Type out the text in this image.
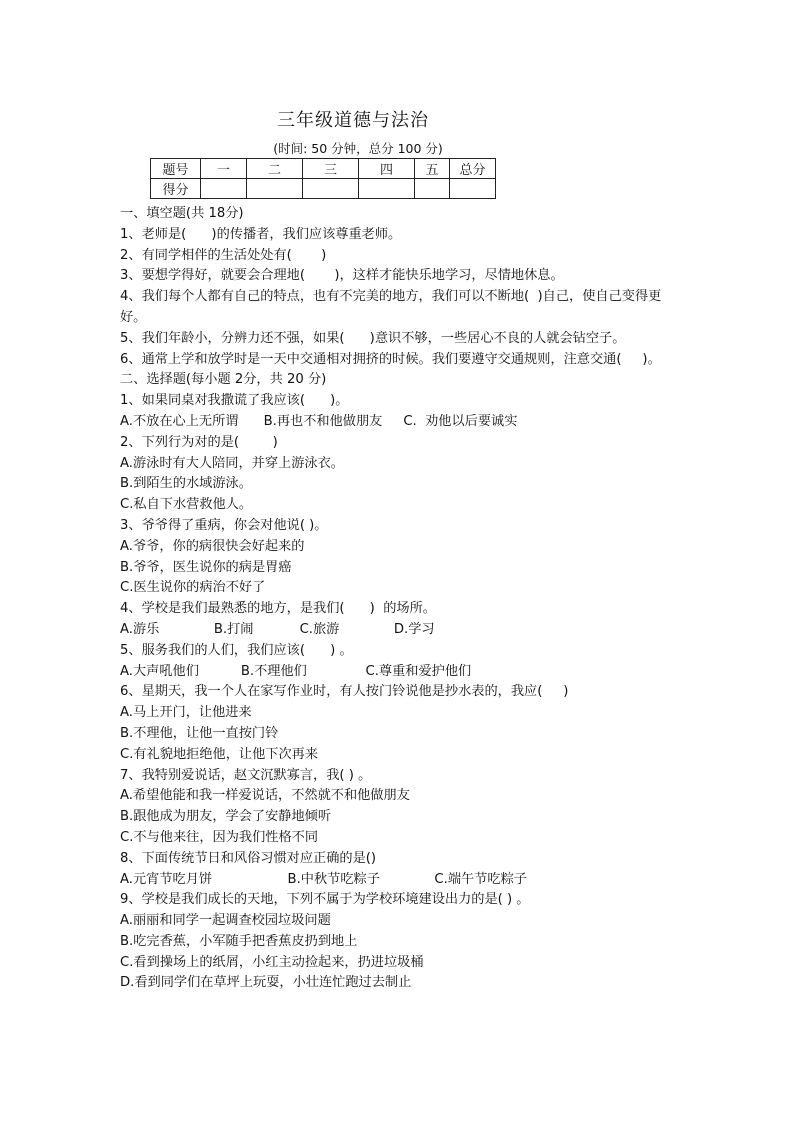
三年级道德与法治
(时间: 50 分钟，总分 100 分)
题号	一	二	三	四	五	总分
得分						

一、填空题(共 18分)

1、老师是(      )的传播者，我们应该尊重老师。

2、有同学相伴的生活处处有(       )

3、要想学得好，就要会合理地(       )，这样才能快乐地学习，尽情地休息。

4、我们每个人都有自己的特点，也有不完美的地方，我们可以不断地(  )自己，使自己变得更好。

5、我们年龄小，分辨力还不强，如果(      )意识不够，一些居心不良的人就会钻空子。

6、通常上学和放学时是一天中交通相对拥挤的时候。我们要遵守交通规则，注意交通(     )。

二、选择题(每小题 2分，共 20 分)

1、如果同桌对我撒谎了我应该(      )。

A.不放在心上无所谓      B.再也不和他做朋友     C.  劝他以后要诚实

2、下列行为对的是(        )

A.游泳时有大人陪同，并穿上游泳衣。

B.到陌生的水域游泳。

C.私自下水营救他人。

3、爷爷得了重病，你会对他说( )。

A.爷爷，你的病很快会好起来的

B.爷爷，医生说你的病是胃癌

C.医生说你的病治不好了

4、学校是我们最熟悉的地方，是我们(      )  的场所。

A.游乐             B.打闹           C.旅游             D.学习

5、服务我们的人们，我们应该(      ) 。

A.大声吼他们          B.不理他们              C.尊重和爱护他们

6、星期天，我一个人在家写作业时，有人按门铃说他是抄水表的，我应(     )

A.马上开门，让他进来

B.不理他，让他一直按门铃

C.有礼貌地拒绝他，让他下次再来

7、我特别爱说话，赵文沉默寡言，我( ) 。

A.希望他能和我一样爱说话，不然就不和他做朋友

B.跟他成为朋友，学会了安静地倾听

C.不与他来往，因为我们性格不同

8、下面传统节日和风俗习惯对应正确的是()

A.元宵节吃月饼                  B.中秋节吃粽子             C.端午节吃粽子

9、学校是我们成长的天地，下列不属于为学校环境建设出力的是( ) 。

A.丽丽和同学一起调查校园垃圾问题

B.吃完香蕉，小军随手把香蕉皮扔到地上

C.看到操场上的纸屑，小红主动捡起来，扔进垃圾桶

D.看到同学们在草坪上玩耍，小壮连忙跑过去制止
